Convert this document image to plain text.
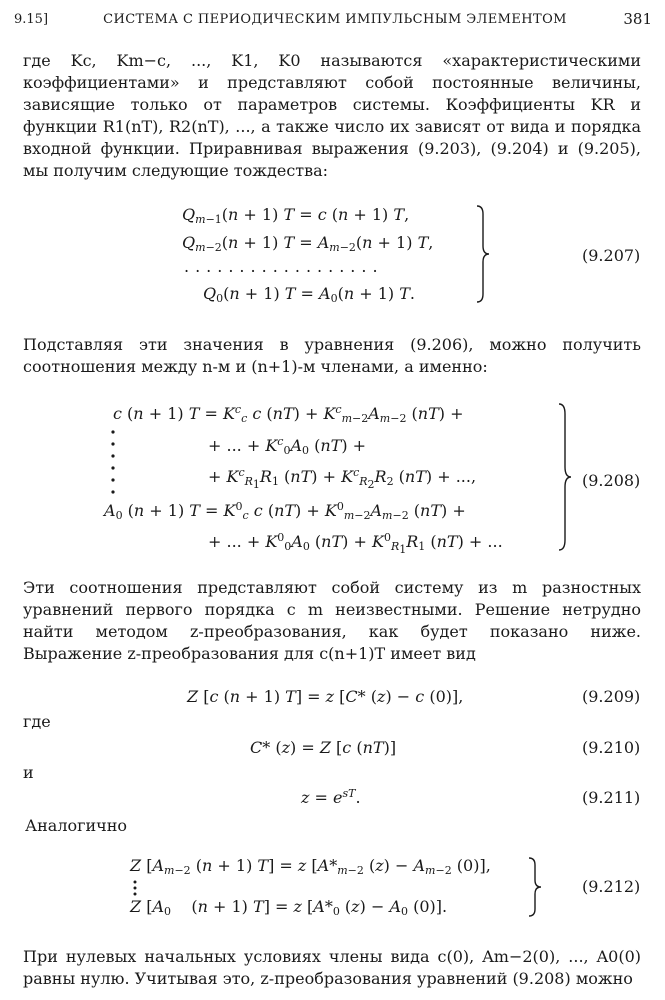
9.15]	СИСТЕМА С ПЕРИОДИЧЕСКИМ ИМПУЛЬСНЫМ ЭЛЕМЕНТОМ	381
где Kc, Km−c, ..., K1, K0 называются «характеристическими коэффициентами» и представляют собой постоянные величины, зависящие только от параметров системы. Коэффициенты KR и функции R1(nT), R2(nT), ..., а также число их зависят от вида и порядка входной функции. Приравнивая выражения (9.203), (9.204) и (9.205), мы получим следующие тождества:
$Q_{m-1}(n + 1) T = c$ (n + 1) T,
$Q_{m-2}(n + 1) T = A_{m-2}(n + 1)$ T,
..................
$Q_0(n + 1) T = A_0(n + 1)$ T.
(9.207)
Подставляя эти значения в уравнения (9.206), можно получить соотношения между n-м и (n+1)-м членами, а именно:
c (n + 1) $T = K^c_c$ c $(nT) + K^c_{m-2}A_{m-2}$ (nT) +
+ ... + $K^c_0A_0$ (nT) +
+ $K^c_{R_1}R_1$ $(nT) + K^c_{R_2}R_2$ (nT) + ...,
$A_0$ (n + 1) $T = K^0_c$ c $(nT) + K^0_{m-2}A_{m-2}$ (nT) +
+ ... + $K^0_0A_0$ $(nT) + K^0_{R_1}R_1$ (nT) + ...
(9.208)
Эти соотношения представляют собой систему из m разностных уравнений первого порядка с m неизвестными. Решение нетрудно найти методом z-преобразования, как будет показано ниже. Выражение z-преобразования для c(n+1)T имеет вид
Z [c (n + 1) T] = z [C* (z) − c (0)],	(9.209)
где
C* (z) = Z [c (nT)]	(9.210)
и
$z = e^{sT}$.	(9.211)
Аналогично
Z [$A_{m-2}$ (n + 1) T] = z [$A*_{m-2}$ $(z) - A_{m-2}$ (0)],
Z [$A_0$    (n + 1) T] = z [$A*_0$ $(z) - A_0$ (0)].
(9.212)
При нулевых начальных условиях члены вида c(0), Am−2(0), ..., A0(0) равны нулю. Учитывая это, z-преобразования уравнений (9.208) можно
